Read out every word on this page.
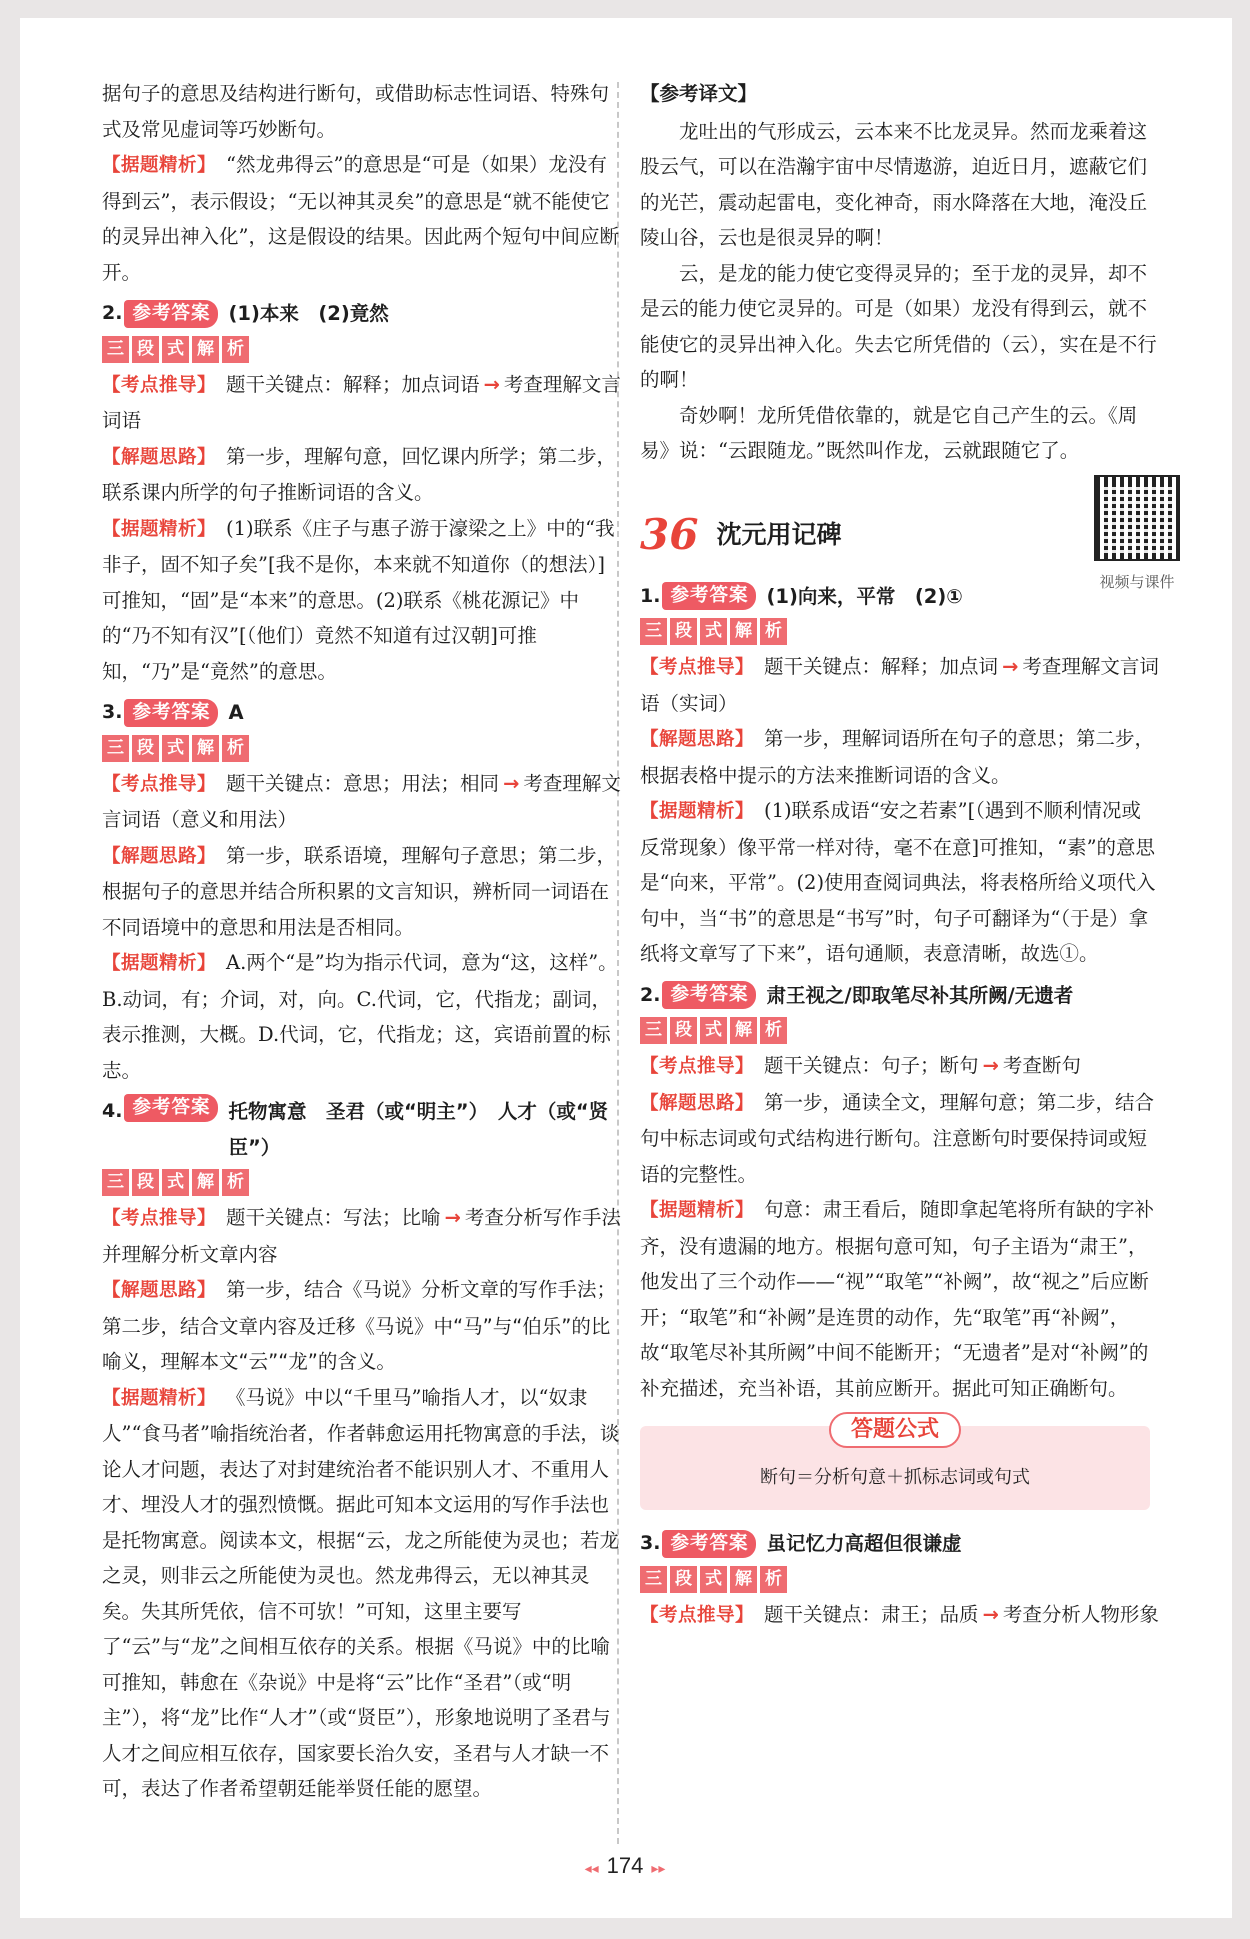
据句子的意思及结构进行断句，或借助标志性词语、特殊句式及常见虚词等巧妙断句。

【据题精析】 “然龙弗得云”的意思是“可是（如果）龙没有得到云”，表示假设；“无以神其灵矣”的意思是“就不能使它的灵异出神入化”，这是假设的结果。因此两个短句中间应断开。

2. 参考答案 (1)本来　(2)竟然
三 段 式 解 析

【考点推导】 题干关键点：解释；加点词语 → 考查理解文言词语

【解题思路】 第一步，理解句意，回忆课内所学；第二步，联系课内所学的句子推断词语的含义。

【据题精析】 (1)联系《庄子与惠子游于濠梁之上》中的“我非子，固不知子矣”[我不是你，本来就不知道你（的想法）]可推知，“固”是“本来”的意思。(2)联系《桃花源记》中的“乃不知有汉”[（他们）竟然不知道有过汉朝]可推知，“乃”是“竟然”的意思。

3. 参考答案 A
三 段 式 解 析

【考点推导】 题干关键点：意思；用法；相同 → 考查理解文言词语（意义和用法）

【解题思路】 第一步，联系语境，理解句子意思；第二步，根据句子的意思并结合所积累的文言知识，辨析同一词语在不同语境中的意思和用法是否相同。

【据题精析】 A.两个“是”均为指示代词，意为“这，这样”。B.动词，有；介词，对，向。C.代词，它，代指龙；副词，表示推测，大概。D.代词，它，代指龙；这，宾语前置的标志。

4. 参考答案 托物寓意　圣君（或“明主”）　人才（或“贤臣”）
三 段 式 解 析

【考点推导】 题干关键点：写法；比喻 → 考查分析写作手法并理解分析文章内容

【解题思路】 第一步，结合《马说》分析文章的写作手法；第二步，结合文章内容及迁移《马说》中“马”与“伯乐”的比喻义，理解本文“云”“龙”的含义。

【据题精析】 《马说》中以“千里马”喻指人才，以“奴隶人”“食马者”喻指统治者，作者韩愈运用托物寓意的手法，谈论人才问题，表达了对封建统治者不能识别人才、不重用人才、埋没人才的强烈愤慨。据此可知本文运用的写作手法也是托物寓意。阅读本文，根据“云，龙之所能使为灵也；若龙之灵，则非云之所能使为灵也。然龙弗得云，无以神其灵矣。失其所凭依，信不可欤！”可知，这里主要写了“云”与“龙”之间相互依存的关系。根据《马说》中的比喻可推知，韩愈在《杂说》中是将“云”比作“圣君”（或“明主”），将“龙”比作“人才”（或“贤臣”），形象地说明了圣君与人才之间应相互依存，国家要长治久安，圣君与人才缺一不可，表达了作者希望朝廷能举贤任能的愿望。

【参考译文】

龙吐出的气形成云，云本来不比龙灵异。然而龙乘着这股云气，可以在浩瀚宇宙中尽情遨游，迫近日月，遮蔽它们的光芒，震动起雷电，变化神奇，雨水降落在大地，淹没丘陵山谷，云也是很灵异的啊！

云，是龙的能力使它变得灵异的；至于龙的灵异，却不是云的能力使它灵异的。可是（如果）龙没有得到云，就不能使它的灵异出神入化。失去它所凭借的（云），实在是不行的啊！

奇妙啊！龙所凭借依靠的，就是它自己产生的云。《周易》说：“云跟随龙。”既然叫作龙，云就跟随它了。

36 沈元用记碑
视频与课件
1. 参考答案 (1)向来，平常　(2)①
三 段 式 解 析

【考点推导】 题干关键点：解释；加点词 → 考查理解文言词语（实词）

【解题思路】 第一步，理解词语所在句子的意思；第二步，根据表格中提示的方法来推断词语的含义。

【据题精析】 (1)联系成语“安之若素”[（遇到不顺利情况或反常现象）像平常一样对待，毫不在意]可推知，“素”的意思是“向来，平常”。(2)使用查阅词典法，将表格所给义项代入句中，当“书”的意思是“书写”时，句子可翻译为“（于是）拿纸将文章写了下来”，语句通顺，表意清晰，故选①。

2. 参考答案 肃王视之/即取笔尽补其所阙/无遗者
三 段 式 解 析

【考点推导】 题干关键点：句子；断句 → 考查断句

【解题思路】 第一步，通读全文，理解句意；第二步，结合句中标志词或句式结构进行断句。注意断句时要保持词或短语的完整性。

【据题精析】 句意：肃王看后，随即拿起笔将所有缺的字补齐，没有遗漏的地方。根据句意可知，句子主语为“肃王”，他发出了三个动作——“视”“取笔”“补阙”，故“视之”后应断开；“取笔”和“补阙”是连贯的动作，先“取笔”再“补阙”，故“取笔尽补其所阙”中间不能断开；“无遗者”是对“补阙”的补充描述，充当补语，其前应断开。据此可知正确断句。

答题公式
断句＝分析句意＋抓标志词或句式
3. 参考答案 虽记忆力高超但很谦虚
三 段 式 解 析

【考点推导】 题干关键点：肃王；品质 → 考查分析人物形象

◂◂ 174 ▸▸
